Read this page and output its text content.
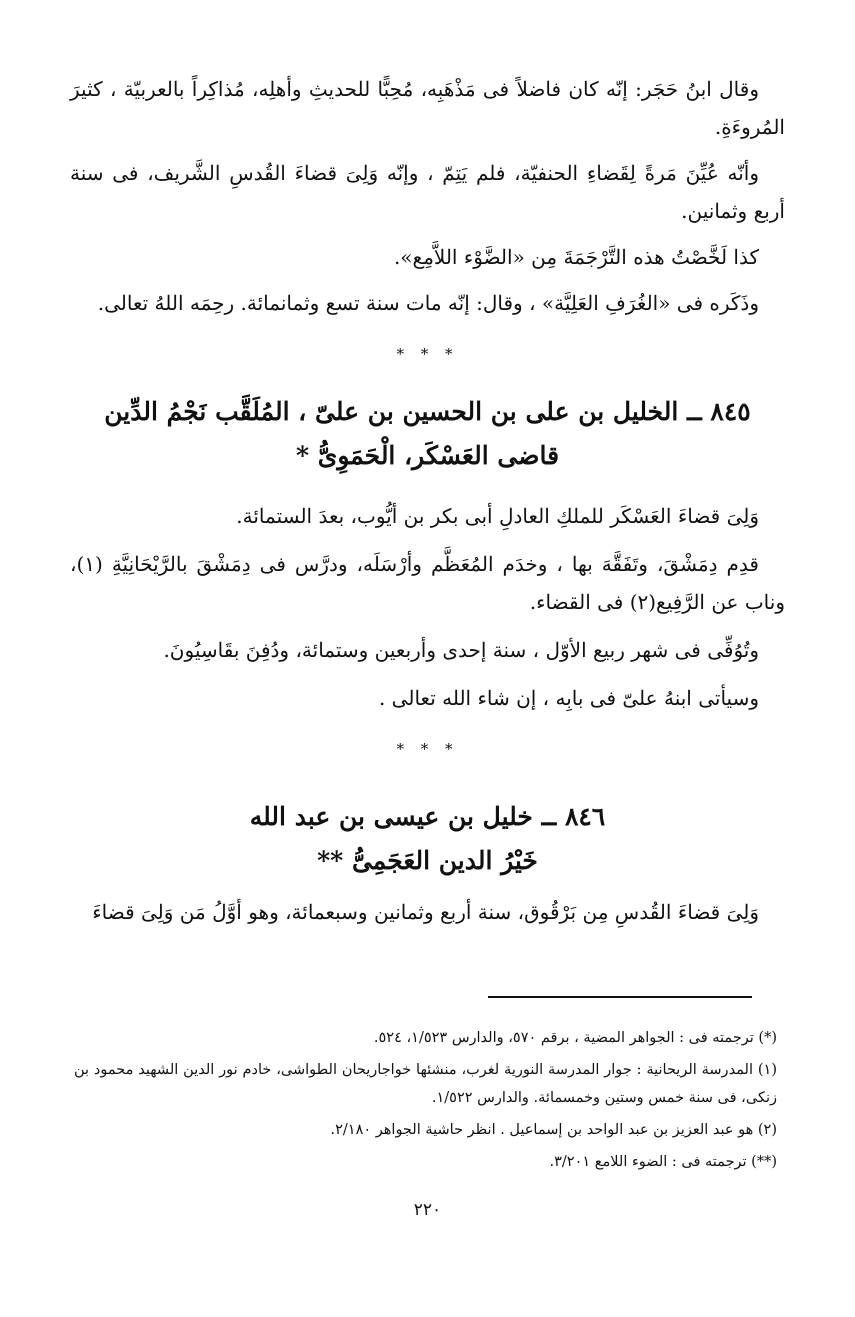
وقال ابنُ حَجَر: إنّه كان فاضلاً فى مَذْهَبِه، مُحِبًّا للحديثِ وأهلِه، مُذاكِراً بالعربيّة ، كثيرَ المُروءَةِ.

وأنّه عُيِّنَ مَرةً لِقَضاءِ الحنفيّة، فلم يَتِمّ ، وإنّه وَلِىَ قضاءَ القُدسِ الشَّريف، فى سنة أربع وثمانين.

كذا لَخَّصْتُ هذه التَّرْجَمَةَ مِن «الضَّوْء اللاَّمِع».

وذَكَره فى «الغُرَفِ العَلِيَّة» ، وقال: إنّه مات سنة تسع وثمانمائة. رحِمَه اللهُ تعالى.

* * *
٨٤٥ ــ الخليل بن على بن الحسين بن علىّ ، المُلَقَّب نَجْمُ الدِّين
قاضى العَسْكَر، الْحَمَوِىُّ *

وَلِىَ قضاءَ العَسْكَر للملكِ العادلِ أبى بكر بن أيُّوب، بعدَ الستمائة.

قدِم دِمَشْقَ، وتَفَقَّهَ بها ، وخدَم المُعَظَّم وأرْسَلَه، ودرَّس فى دِمَشْقَ بالرَّيْحَانِيَّةِ (١)، وناب عن الرَّفِيع(٢) فى القضاء.

وتُوُفِّى فى شهر ربيع الأوّل ، سنة إحدى وأربعين وستمائة، ودُفِنَ بقَاسِيُونَ.

وسيأتى ابنهُ علىّ فى بابِه ، إن شاء الله تعالى .

* * *
٨٤٦ ــ خليل بن عيسى بن عبد الله
خَيْرُ الدين العَجَمِىُّ **

وَلِىَ قضاءَ القُدسِ مِن بَرْقُوق، سنة أربع وثمانين وسبعمائة، وهو أوَّلُ مَن وَلِىَ قضاءَ

(*) ترجمته فى : الجواهر المضية ، برقم ٥٧٠، والدارس ١/٥٢٣، ٥٢٤.

(١) المدرسة الريحانية : جوار المدرسة النورية لغرب، منشئها خواجاريحان الطواشى، خادم نور الدين الشهيد محمود بن زنكى، فى سنة خمس وستين وخمسمائة. والدارس ١/٥٢٢.

(٢) هو عبد العزيز بن عبد الواحد بن إسماعيل . انظر حاشية الجواهر ٢/١٨٠.

(**) ترجمته فى : الضوء اللامع ٣/٢٠١.

٢٢٠
